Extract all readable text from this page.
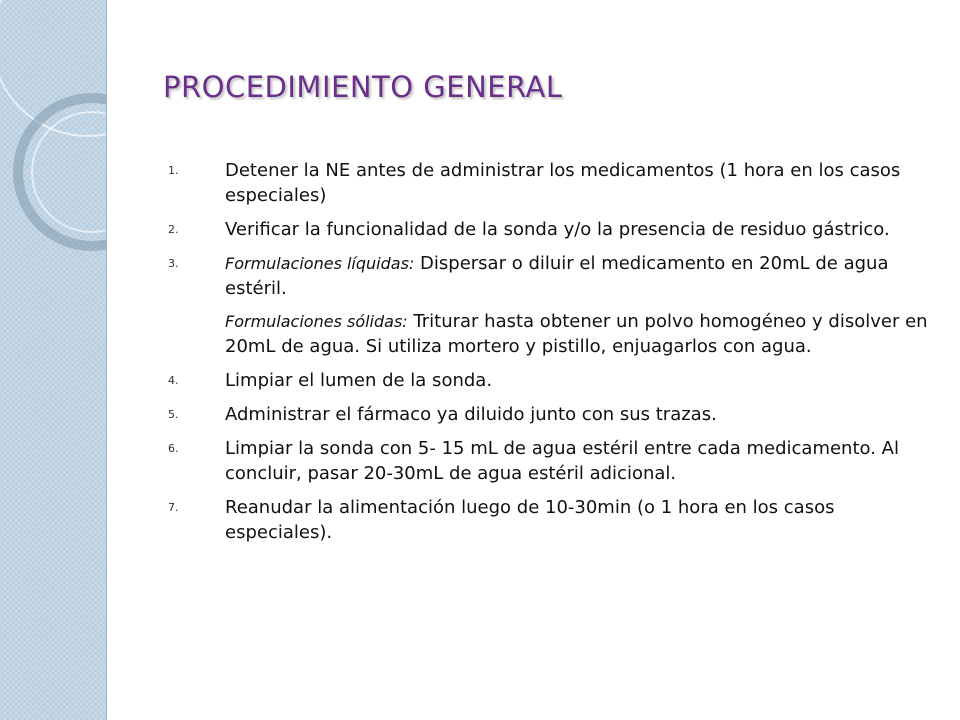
PROCEDIMIENTO GENERAL
1.	Detener la NE antes de administrar los medicamentos (1 hora en los casos especiales)
2.	Verificar la funcionalidad de la sonda y/o la presencia de residuo gástrico.
3.	Formulaciones líquidas: Dispersar o diluir el medicamento en 20mL de agua estéril.
Formulaciones sólidas: Triturar hasta obtener un polvo homogéneo y disolver en 20mL de agua. Si utiliza mortero y pistillo, enjuagarlos con agua.
4.	Limpiar el lumen de la sonda.
5.	Administrar el fármaco ya diluido junto con sus trazas.
6.	Limpiar la sonda con 5- 15 mL de agua estéril entre cada medicamento. Al concluir, pasar 20-30mL de agua estéril adicional.
7.	Reanudar la alimentación luego de 10-30min (o 1 hora en los casos especiales).
